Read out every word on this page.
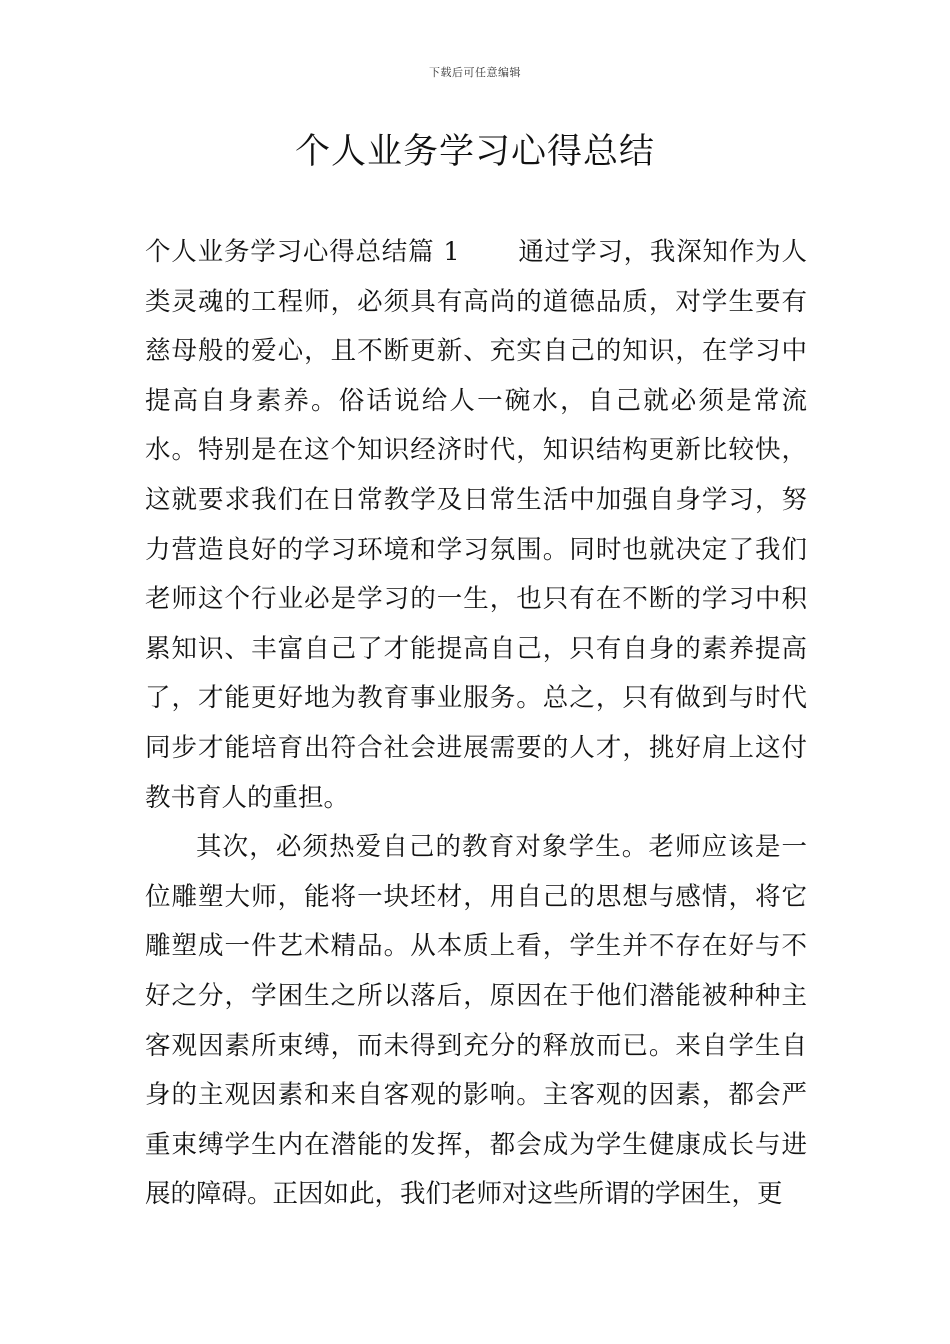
下载后可任意编辑
个人业务学习心得总结

个人业务学习心得总结篇 1 通过学习，我深知作为人类灵魂的工程师，必须具有高尚的道德品质，对学生要有慈母般的爱心，且不断更新、充实自己的知识，在学习中提高自身素养。俗话说给人一碗水，自己就必须是常流水。特别是在这个知识经济时代，知识结构更新比较快，这就要求我们在日常教学及日常生活中加强自身学习，努力营造良好的学习环境和学习氛围。同时也就决定了我们老师这个行业必是学习的一生，也只有在不断的学习中积累知识、丰富自己了才能提高自己，只有自身的素养提高了，才能更好地为教育事业服务。总之，只有做到与时代同步才能培育出符合社会进展需要的人才，挑好肩上这付教书育人的重担。

其次，必须热爱自己的教育对象学生。老师应该是一位雕塑大师，能将一块坯材，用自己的思想与感情，将它雕塑成一件艺术精品。从本质上看，学生并不存在好与不好之分，学困生之所以落后，原因在于他们潜能被种种主客观因素所束缚，而未得到充分的释放而已。来自学生自身的主观因素和来自客观的影响。主客观的因素，都会严重束缚学生内在潜能的发挥，都会成为学生健康成长与进展的障碍。正因如此，我们老师对这些所谓的学困生，更
